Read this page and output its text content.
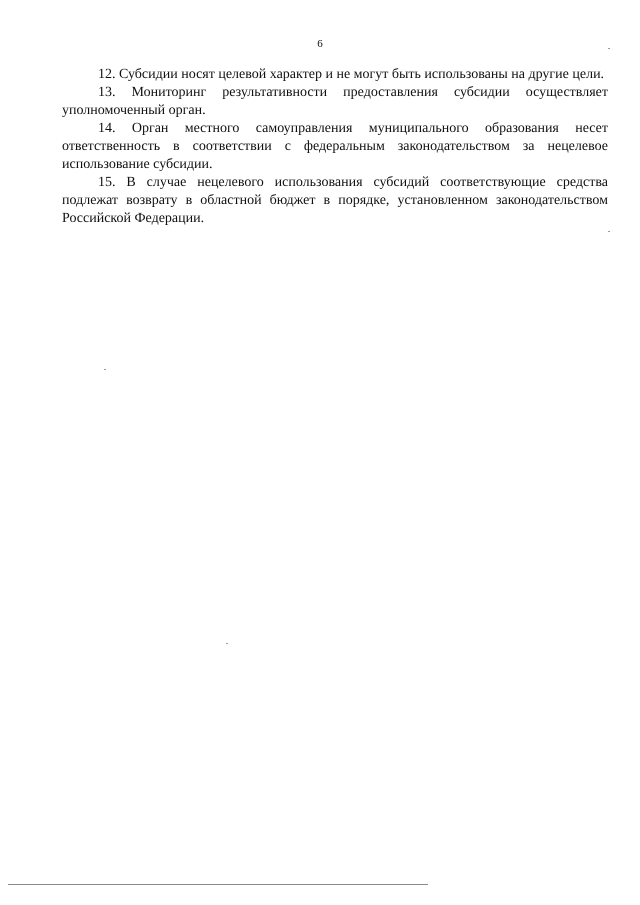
6

12. Субсидии носят целевой характер и не могут быть использованы на другие цели.

13. Мониторинг результативности предоставления субсидии осуществляет уполномоченный орган.

14. Орган местного самоуправления муниципального образования несет ответственность в соответствии с федеральным законодательством за нецелевое использование субсидии.

15. В случае нецелевого использования субсидий соответствующие средства подлежат возврату в областной бюджет в порядке, установленном законодательством Российской Федерации.
